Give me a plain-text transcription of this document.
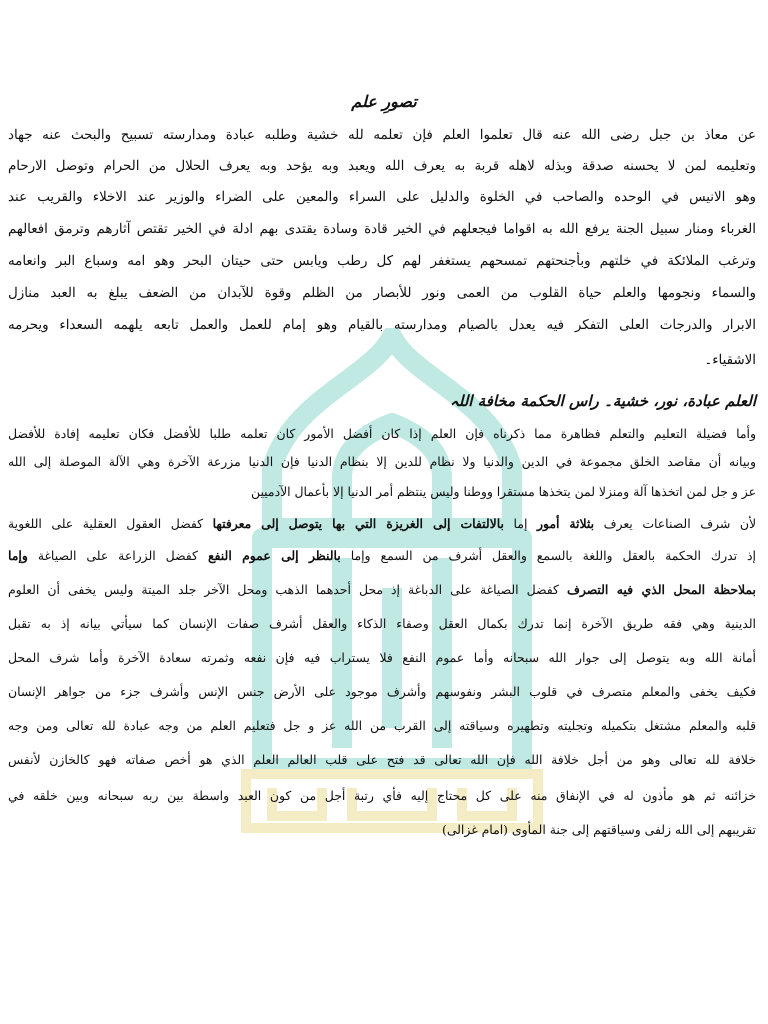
تصورِ علم
عن معاذ بن جبل رضى الله عنه قال تعلموا العلم فإن تعلمه لله خشية وطلبه عبادة ومدارسته تسبيح والبحث عنه جهاد
وتعليمه لمن لا يحسنه صدقة وبذله لاهله قربة به يعرف الله ويعبد وبه يؤحد وبه يعرف الحلال من الحرام وتوصل الارحام
وهو الانيس في الوحده والصاحب في الخلوة والدليل على السراء والمعين على الضراء والوزير عند الاخلاء والقريب عند
الغرباء ومنار سبيل الجنة يرفع الله به اقواما فيجعلهم في الخير قادة وسادة يقتدى بهم ادلة في الخير تقتص آثارهم وترمق افعالهم
وترغب الملائكة في خلتهم وبأجنحتهم تمسحهم يستغفر لهم كل رطب ويابس حتى حيتان البحر وهو امه وسباع البر وانعامه
والسماء ونجومها والعلم حياة القلوب من العمى ونور للأبصار من الظلم وقوة للآبدان من الضعف يبلغ به العبد منازل
الابرار والدرجات العلى التفكر فيه يعدل بالصيام ومدارسته بالقيام وهو إمام للعمل والعمل تابعه يلهمه السعداء ويحرمه
الاشقياء۔
العلم عبادة، نور، خشیة۔ راس الحکمة مخافة اللہ
وأما فضيلة التعليم والتعلم فظاهرة مما ذكرناه فإن العلم إذا كان أفضل الأمور كان تعلمه طلبا للأفضل فكان تعليمه إفادة للأفضل
وبيانه أن مقاصد الخلق مجموعة في الدين والدنيا ولا نظام للدين إلا بنظام الدنيا فإن الدنيا مزرعة الآخرة وهي الآلة الموصلة إلى الله
عز و جل لمن اتخذها آلة ومنزلا لمن يتخذها مستقرا ووطنا وليس ينتظم أمر الدنيا إلا بأعمال الآدميين
لأن شرف الصناعات يعرف بثلاثة أمور إما بالالتفات إلى الغريزة التي بها يتوصل إلى معرفتها كفضل العقول العقلية على اللغوية
إذ تدرك الحكمة بالعقل واللغة بالسمع والعقل أشرف من السمع وإما بالنظر إلى عموم النفع كفضل الزراعة على الصياغة وإما
بملاحظة المحل الذي فيه التصرف كفضل الصياغة على الدباغة إذ محل أحدهما الذهب ومحل الآخر جلد الميتة وليس يخفى أن العلوم
الدينية وهي فقه طريق الآخرة إنما تدرك بكمال العقل وصفاء الذكاء والعقل أشرف صفات الإنسان كما سيأتي بيانه إذ به تقبل
أمانة الله وبه يتوصل إلى جوار الله سبحانه وأما عموم النفع فلا يستراب فيه فإن نفعه وثمرته سعادة الآخرة وأما شرف المحل
فكيف يخفى والمعلم متصرف في قلوب البشر ونفوسهم وأشرف موجود على الأرض جنس الإنس وأشرف جزء من جواهر الإنسان
قلبه والمعلم مشتغل بتكميله وتجليته وتطهيره وسياقته إلى القرب من الله عز و جل فتعليم العلم من وجه عبادة لله تعالى ومن وجه
خلافة لله تعالى وهو من أجل خلافة الله فإن الله تعالى قد فتح على قلب العالم العلم الذي هو أخص صفاته فهو كالخازن لأنفس
خزائنه ثم هو مأذون له في الإنفاق منه على كل محتاج إليه فأي رتبة أجل من كون العبد واسطة بين ربه سبحانه وبين خلقه في
تقريبهم إلى الله زلفى وسياقتهم إلى جنة المأوى (امام غزالی)
